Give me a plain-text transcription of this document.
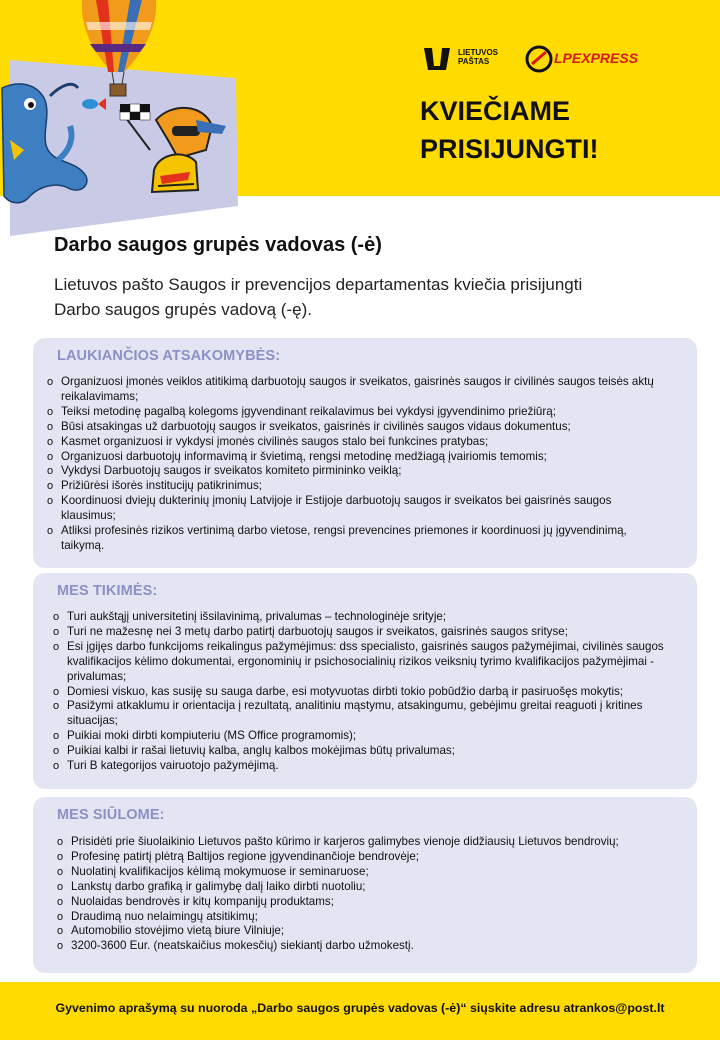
LIETUVOS PAŠTAS	LPEXPRESS
KVIEČIAME
PRISIJUNGTI!
Darbo saugos grupės vadovas (-ė)
Lietuvos pašto Saugos ir prevencijos departamentas kviečia prisijungti Darbo saugos grupės vadovą (-ę).
LAUKIANČIOS ATSAKOMYBĖS:
o Organizuosi įmonės veiklos atitikimą darbuotojų saugos ir sveikatos, gaisrinės saugos ir civilinės saugos teisės aktų reikalavimams;
o Teiksi metodinę pagalbą kolegoms įgyvendinant reikalavimus bei vykdysi įgyvendinimo priežiūrą;
o Būsi atsakingas už darbuotojų saugos ir sveikatos, gaisrinės ir civilinės saugos vidaus dokumentus;
o Kasmet organizuosi ir vykdysi įmonės civilinės saugos stalo bei funkcines pratybas;
o Organizuosi darbuotojų informavimą ir švietimą, rengsi metodinę medžiagą įvairiomis temomis;
o Vykdysi Darbuotojų saugos ir sveikatos komiteto pirmininko veiklą;
o Prižiūrėsi išorės institucijų patikrinimus;
o Koordinuosi dviejų dukterinių įmonių Latvijoje ir Estijoje darbuotojų saugos ir sveikatos bei gaisrinės saugos klausimus;
o Atliksi profesinės rizikos vertinimą darbo vietose, rengsi prevencines priemones ir koordinuosi jų įgyvendinimą, taikymą.
MES TIKIMĖS:
o Turi aukštąjį universitetinį išsilavinimą, privalumas – technologinėje srityje;
o Turi ne mažesnę nei 3 metų darbo patirtį darbuotojų saugos ir sveikatos, gaisrinės saugos srityse;
o Esi įgijęs darbo funkcijoms reikalingus pažymėjimus: dss specialisto, gaisrinės saugos pažymėjimai, civilinės saugos kvalifikacijos kėlimo dokumentai, ergonominių ir psichosocialinių rizikos veiksnių tyrimo kvalifikacijos pažymėjimai - privalumas;
o Domiesi viskuo, kas susiję su sauga darbe, esi motyvuotas dirbti tokio pobūdžio darbą ir pasiruošęs mokytis;
o Pasižymi atkaklumu ir orientacija į rezultatą, analitiniu mąstymu, atsakingumu, gebėjimu greitai reaguoti į kritines situacijas;
o Puikiai moki dirbti kompiuteriu (MS Office programomis);
o Puikiai kalbi ir rašai lietuvių kalba, anglų kalbos mokėjimas būtų privalumas;
o Turi B kategorijos vairuotojo pažymėjimą.
MES SIŪLOME:
o Prisidėti prie šiuolaikinio Lietuvos pašto kūrimo ir karjeros galimybes vienoje didžiausių Lietuvos bendrovių;
o Profesinę patirtį plėtrą Baltijos regione įgyvendinančioje bendrovėje;
o Nuolatinį kvalifikacijos kėlimą mokymuose ir seminaruose;
o Lankstų darbo grafiką ir galimybę dalį laiko dirbti nuotoliu;
o Nuolaidas bendrovės ir kitų kompanijų produktams;
o Draudimą nuo nelaimingų atsitikimų;
o Automobilio stovėjimo vietą biure Vilniuje;
o 3200-3600 Eur. (neatskaičius mokesčių) siekiantį darbo užmokestį.
Gyvenimo aprašymą su nuoroda „Darbo saugos grupės vadovas (-ė)“ siųskite adresu atrankos@post.lt
